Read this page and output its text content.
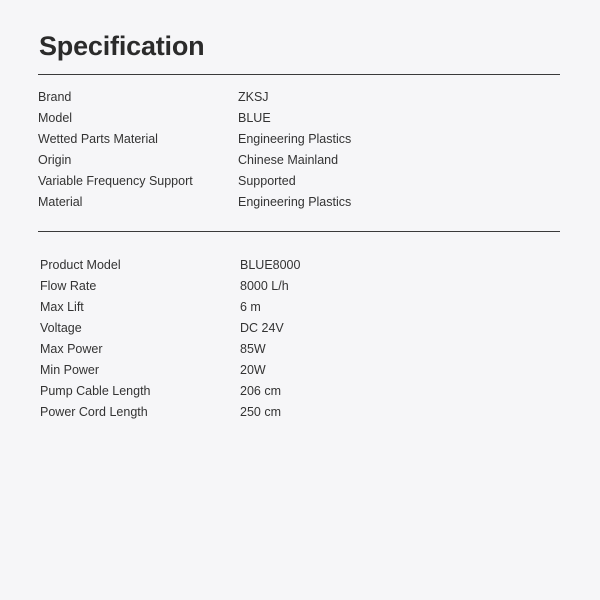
Specification
Brand	ZKSJ
Model	BLUE
Wetted Parts Material	Engineering Plastics
Origin	Chinese Mainland
Variable Frequency Support	Supported
Material	Engineering Plastics
Product Model	BLUE8000
Flow Rate	8000 L/h
Max Lift	6 m
Voltage	DC 24V
Max Power	85W
Min Power	20W
Pump Cable Length	206 cm
Power Cord Length	250 cm
